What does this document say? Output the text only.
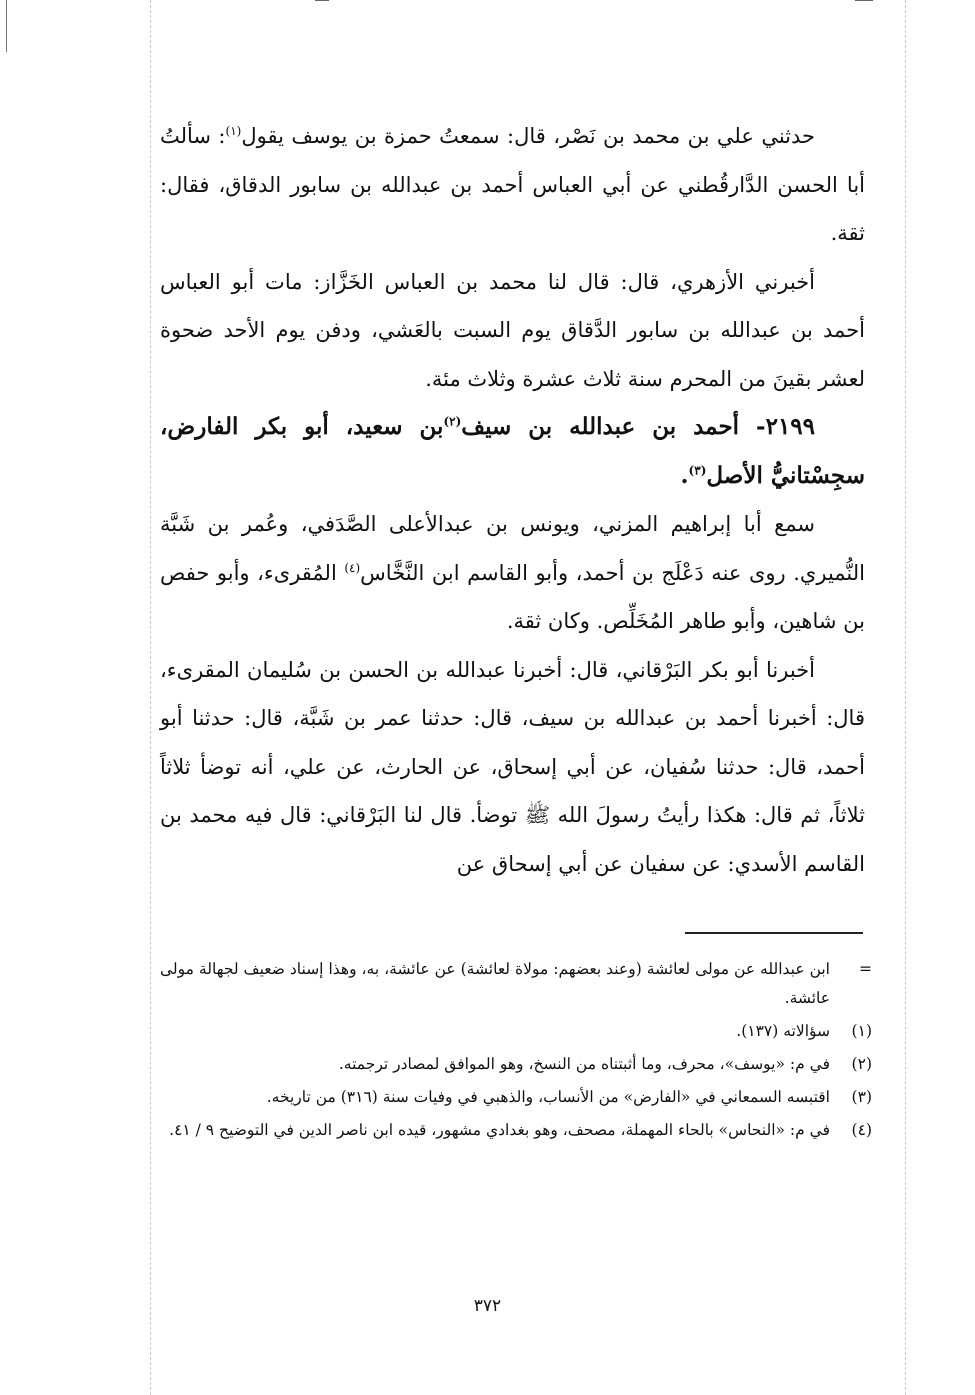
حدثني علي بن محمد بن نَصْر، قال: سمعتُ حمزة بن يوسف يقول$^{(١)}$: سألتُ أبا الحسن الدَّارقُطني عن أبي العباس أحمد بن عبدالله بن سابور الدقاق، فقال: ثقة.

أخبرني الأزهري، قال: قال لنا محمد بن العباس الخَزَّاز: مات أبو العباس أحمد بن عبدالله بن سابور الدَّقاق يوم السبت بالعَشي، ودفن يوم الأحد ضحوة لعشر بقينَ من المحرم سنة ثلاث عشرة وثلاث مئة.

٢١٩٩- أحمد بن عبدالله بن سيف$^{(٢)}$بن سعيد، أبو بكر الفارض، سجِسْتانيُّ الأصل$^{(٣)}$.

سمع أبا إبراهيم المزني، ويونس بن عبدالأعلى الصَّدَفي، وعُمر بن شَبَّة النُّميري. روى عنه دَعْلَج بن أحمد، وأبو القاسم ابن النَّخَّاس$^{(٤)}$ المُقرىء، وأبو حفص بن شاهين، وأبو طاهر المُخَلِّص. وكان ثقة.

أخبرنا أبو بكر البَرْقاني، قال: أخبرنا عبدالله بن الحسن بن سُليمان المقرىء، قال: أخبرنا أحمد بن عبدالله بن سيف، قال: حدثنا عمر بن شَبَّة، قال: حدثنا أبو أحمد، قال: حدثنا سُفيان، عن أبي إسحاق، عن الحارث، عن علي، أنه توضأ ثلاثاً ثلاثاً، ثم قال: هكذا رأيتُ رسولَ الله ﷺ توضأ. قال لنا البَرْقاني: قال فيه محمد بن القاسم الأسدي: عن سفيان عن أبي إسحاق عن

=
ابن عبدالله عن مولى لعائشة (وعند بعضهم: مولاة لعائشة) عن عائشة، به، وهذا إسناد ضعيف لجهالة مولى عائشة.
(١)
سؤالاته (١٣٧).
(٢)
في م: «يوسف»، محرف، وما أثبتناه من النسخ، وهو الموافق لمصادر ترجمته.
(٣)
اقتبسه السمعاني في «الفارض» من الأنساب، والذهبي في وفيات سنة (٣١٦) من تاريخه.
(٤)
في م: «النحاس» بالحاء المهملة، مصحف، وهو بغدادي مشهور، قيده ابن ناصر الدين في التوضيح ٩ / ٤١.
٣٧٢
